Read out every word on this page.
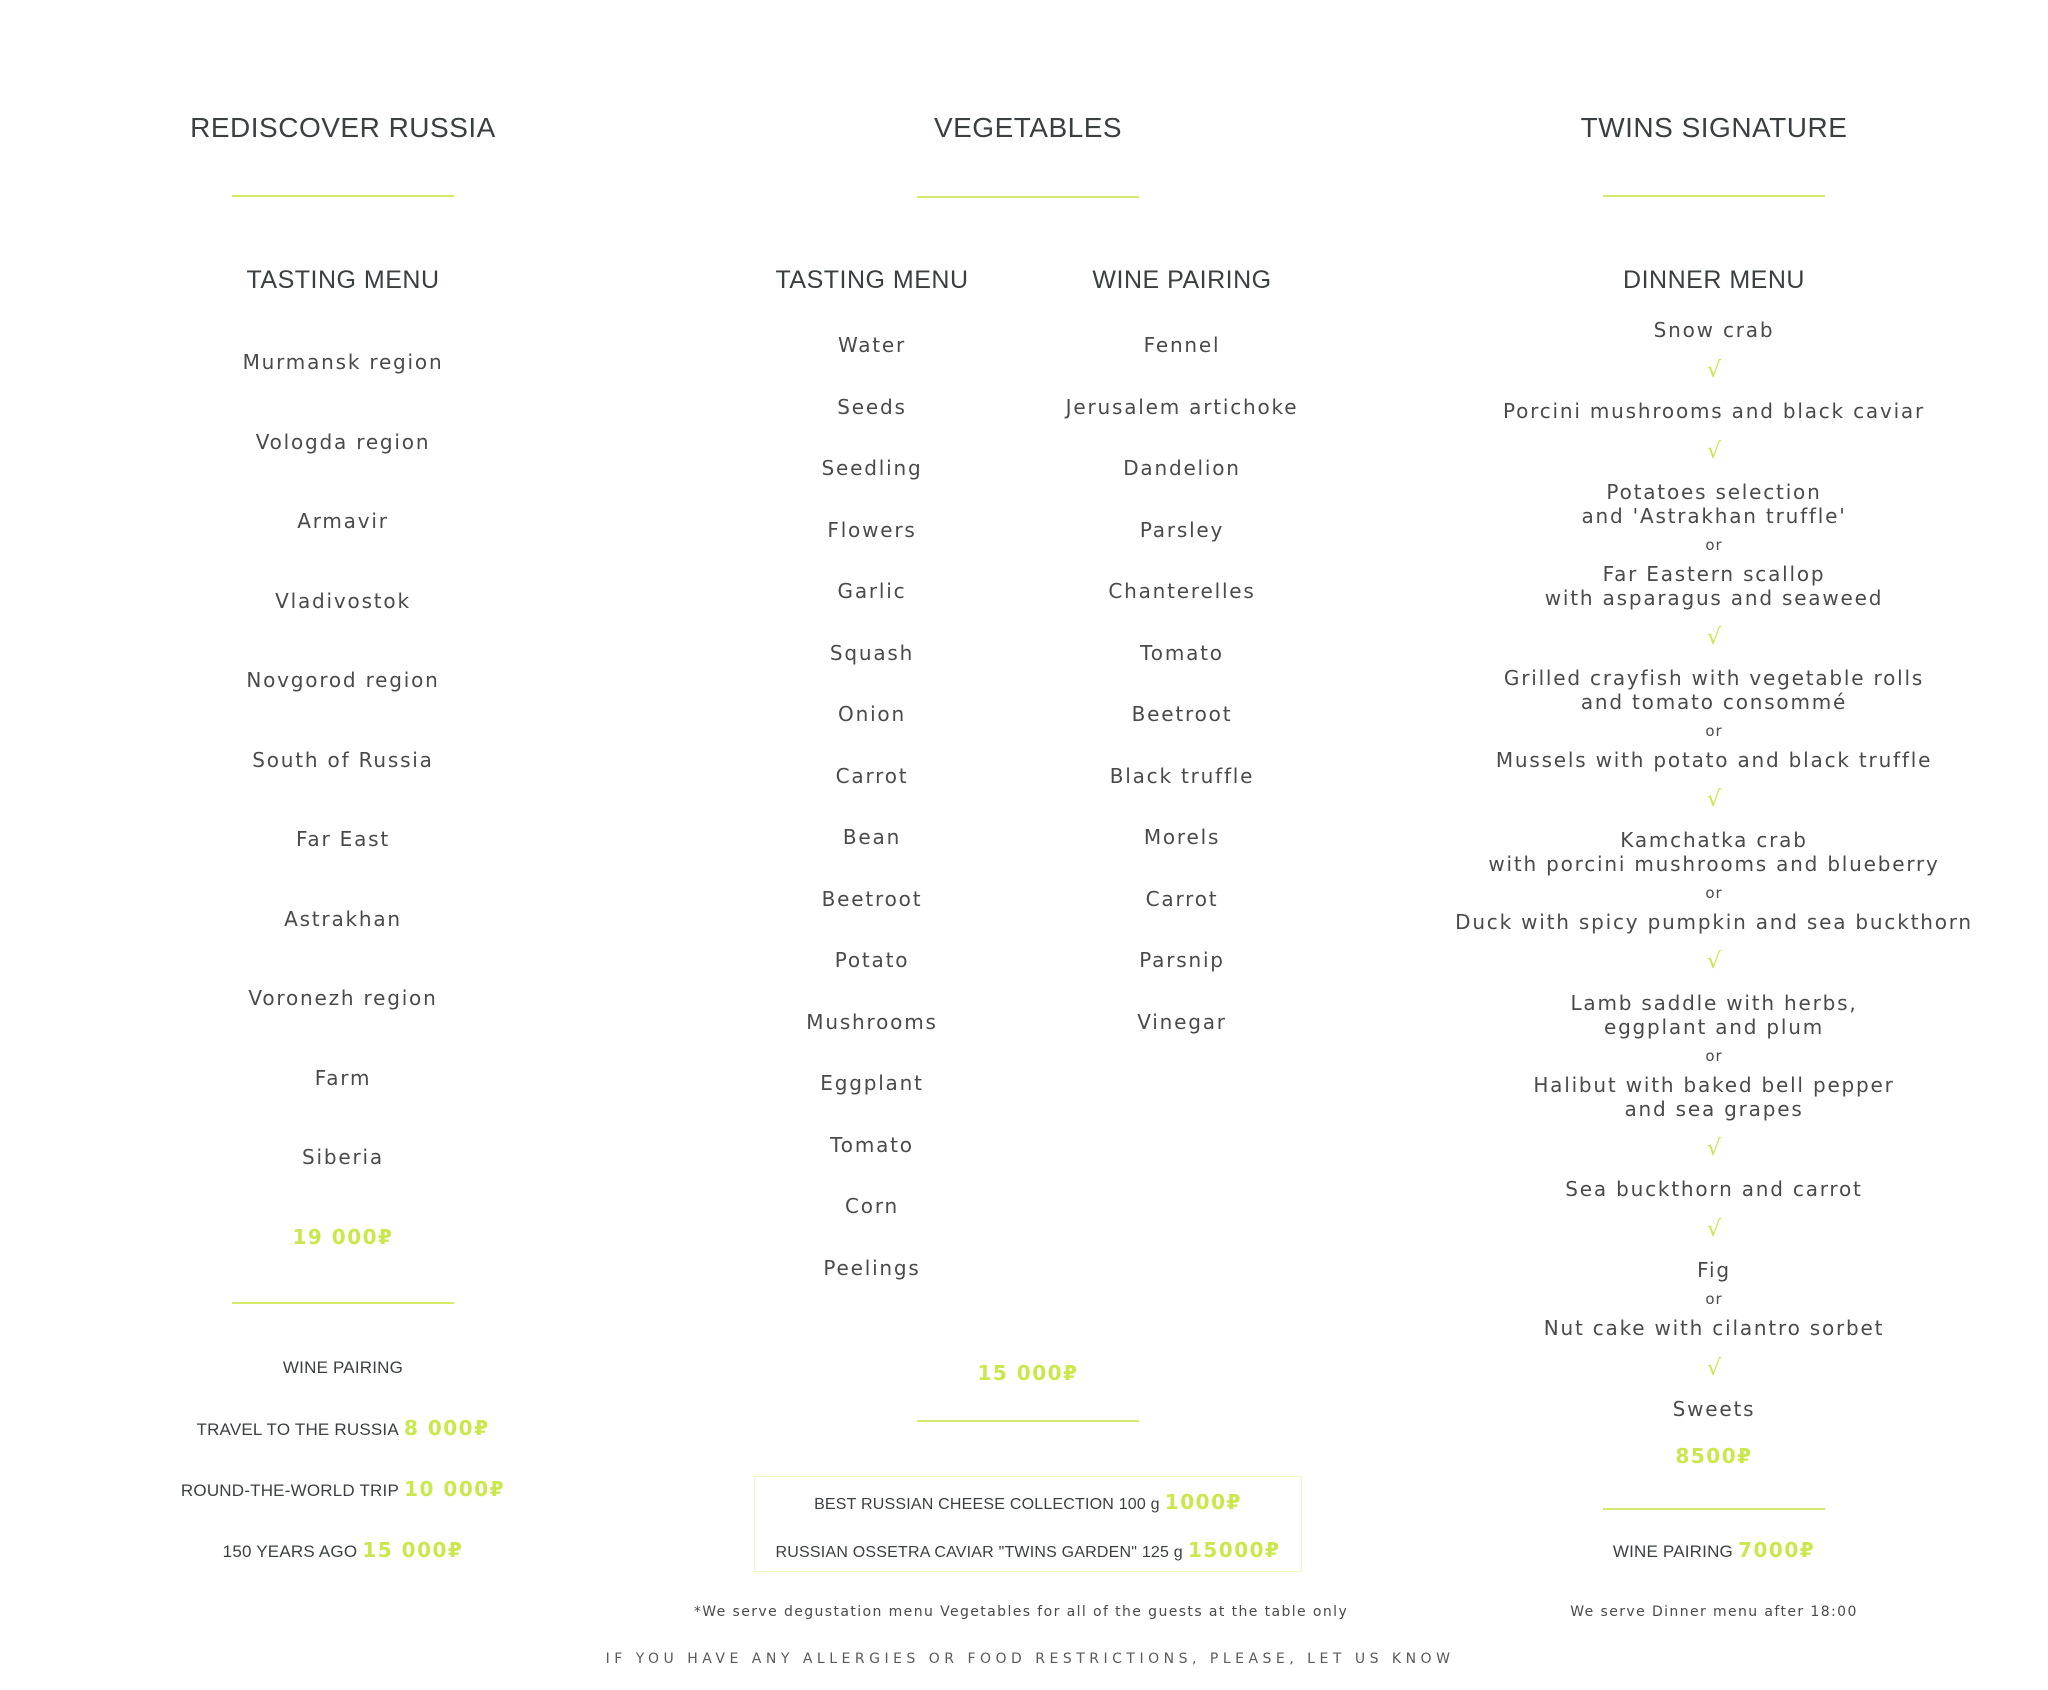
REDISCOVER RUSSIA
TASTING MENU
Murmansk region
Vologda region
Armavir
Vladivostok
Novgorod region
South of Russia
Far East
Astrakhan
Voronezh region
Farm
Siberia
19 000₽
WINE PAIRING
TRAVEL TO THE RUSSIA 8 000₽
ROUND-THE-WORLD TRIP 10 000₽
150 YEARS AGO 15 000₽
VEGETABLES
TASTING MENU	WINE PAIRING
Water
Seeds
Seedling
Flowers
Garlic
Squash
Onion
Carrot
Bean
Beetroot
Potato
Mushrooms
Eggplant
Tomato
Corn
Peelings
Fennel
Jerusalem artichoke
Dandelion
Parsley
Chanterelles
Tomato
Beetroot
Black truffle
Morels
Carrot
Parsnip
Vinegar
15 000₽
BEST RUSSIAN CHEESE COLLECTION 100 g 1000₽
RUSSIAN OSSETRA CAVIAR "TWINS GARDEN" 125 g 15000₽
*We serve degustation menu Vegetables for all of the guests at the table only
TWINS SIGNATURE
DINNER MENU
Snow crab
√
Porcini mushrooms and black caviar
√
Potatoes selection
and 'Astrakhan truffle'
or
Far Eastern scallop
with asparagus and seaweed
√
Grilled crayfish with vegetable rolls
and tomato consommé
or
Mussels with potato and black truffle
√
Kamchatka crab
with porcini mushrooms and blueberry
or
Duck with spicy pumpkin and sea buckthorn
√
Lamb saddle with herbs,
eggplant and plum
or
Halibut with baked bell pepper
and sea grapes
√
Sea buckthorn and carrot
√
Fig
or
Nut cake with cilantro sorbet
√
Sweets
8500₽
WINE PAIRING 7000₽
We serve Dinner menu after 18:00
IF YOU HAVE ANY ALLERGIES OR FOOD RESTRICTIONS, PLEASE, LET US KNOW
